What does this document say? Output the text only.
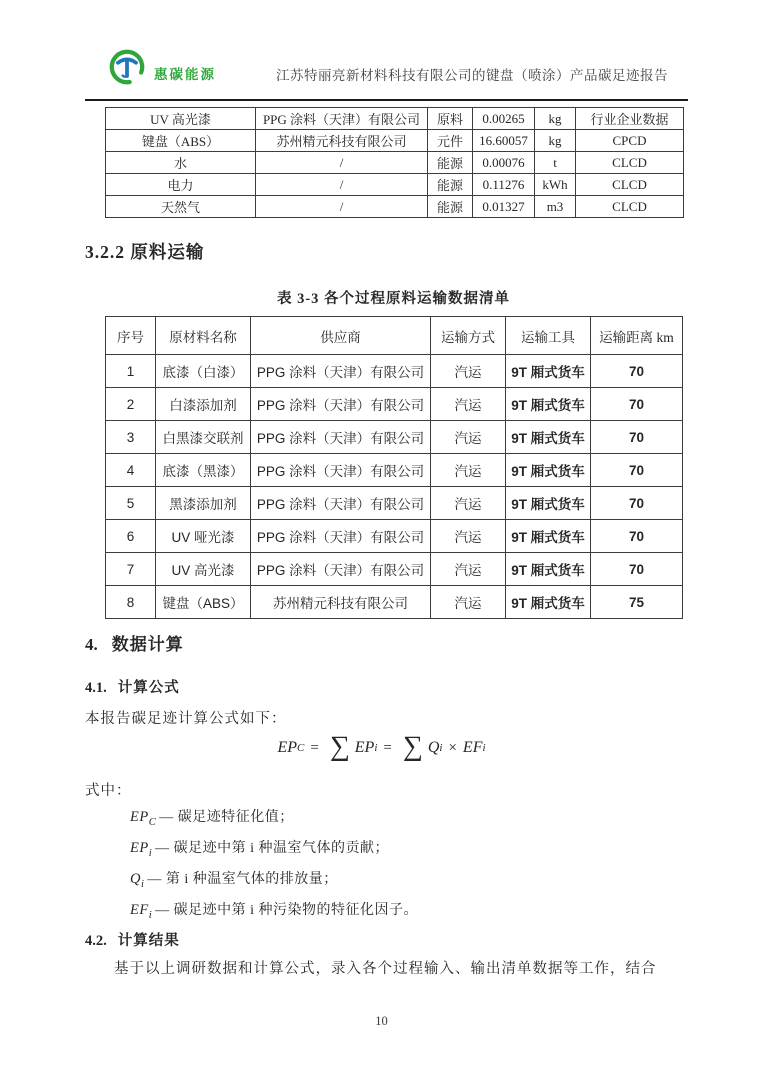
惠碳能源	江苏特丽亮新材料科技有限公司的键盘（喷涂）产品碳足迹报告
UV 高光漆	PPG 涂料（天津）有限公司	原料	0.00265	kg	行业企业数据
键盘（ABS）	苏州精元科技有限公司	元件	16.60057	kg	CPCD
水	/	能源	0.00076	t	CLCD
电力	/	能源	0.11276	kWh	CLCD
天然气	/	能源	0.01327	m3	CLCD
3.2.2 原料运输
表 3-3 各个过程原料运输数据清单
序号	原材料名称	供应商	运输方式	运输工具	运输距离 km
1	底漆（白漆）	PPG 涂料（天津）有限公司	汽运	9T 厢式货车	70
2	白漆添加剂	PPG 涂料（天津）有限公司	汽运	9T 厢式货车	70
3	白黑漆交联剂	PPG 涂料（天津）有限公司	汽运	9T 厢式货车	70
4	底漆（黑漆）	PPG 涂料（天津）有限公司	汽运	9T 厢式货车	70
5	黑漆添加剂	PPG 涂料（天津）有限公司	汽运	9T 厢式货车	70
6	UV 哑光漆	PPG 涂料（天津）有限公司	汽运	9T 厢式货车	70
7	UV 高光漆	PPG 涂料（天津）有限公司	汽运	9T 厢式货车	70
8	键盘（ABS）	苏州精元科技有限公司	汽运	9T 厢式货车	75
4. 数据计算
4.1. 计算公式

本报告碳足迹计算公式如下：

EP C = ∑ EP i = ∑ Q i × EF i

式中：

$EP_C$ — 碳足迹特征化值；
$EP_i$ — 碳足迹中第 i 种温室气体的贡献；
$Q_i$ — 第 i 种温室气体的排放量；
$EF_i$ — 碳足迹中第 i 种污染物的特征化因子。
4.2. 计算结果

基于以上调研数据和计算公式，录入各个过程输入、输出清单数据等工作，结合

10
